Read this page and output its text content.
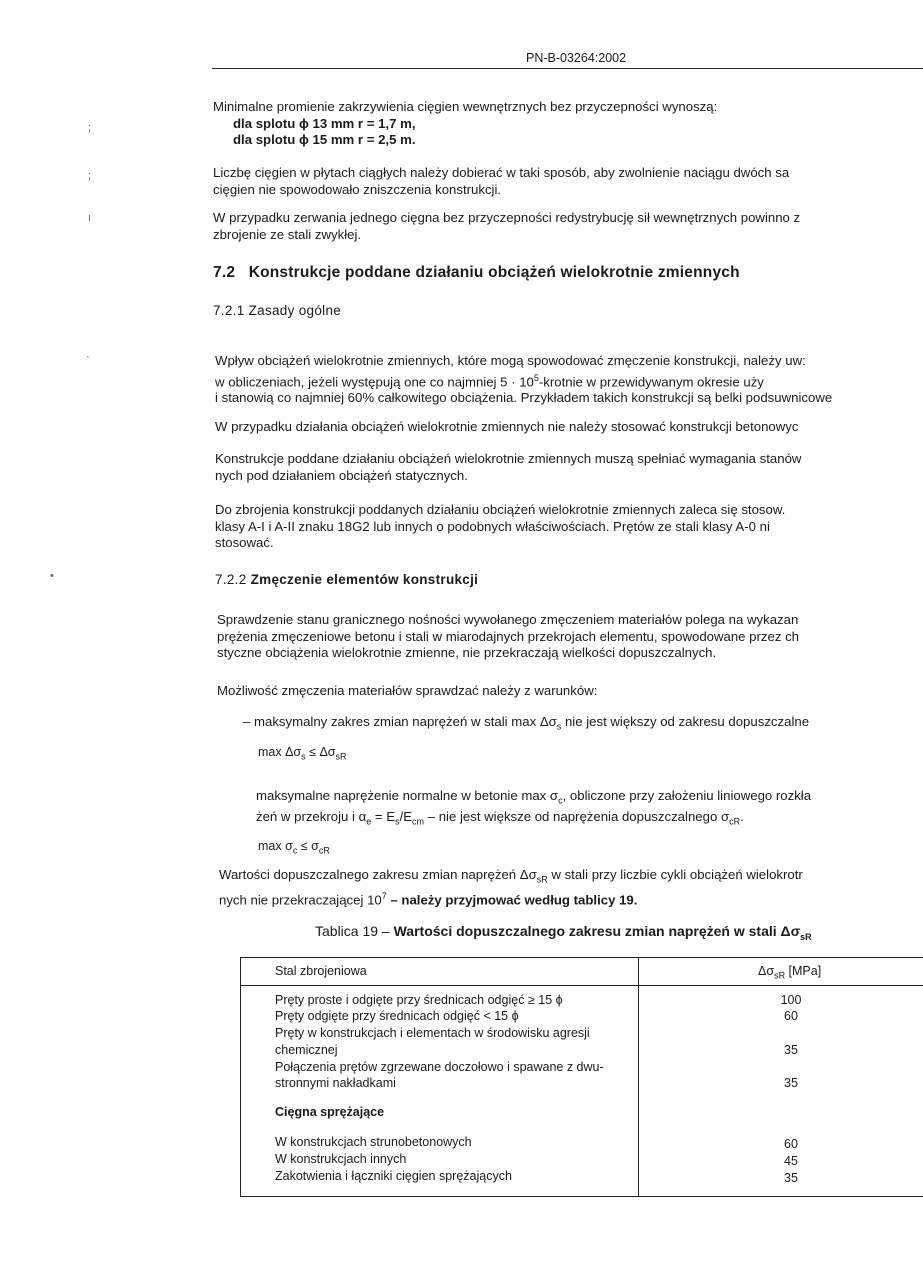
PN-B-03264:2002
;
;
ı
ˋ
•
Minimalne promienie zakrzywienia cięgien wewnętrznych bez przyczepności wynoszą:
dla splotu ϕ 13 mm r = 1,7 m,
dla splotu ϕ 15 mm r = 2,5 m.
Liczbę cięgien w płytach ciągłych należy dobierać w taki sposób, aby zwolnienie naciągu dwóch sa
cięgien nie spowodowało zniszczenia konstrukcji.
W przypadku zerwania jednego cięgna bez przyczepności redystrybucję sił wewnętrznych powinno z
zbrojenie ze stali zwykłej.
7.2 Konstrukcje poddane działaniu obciążeń wielokrotnie zmiennych
7.2.1 Zasady ogólne
Wpływ obciążeń wielokrotnie zmiennych, które mogą spowodować zmęczenie konstrukcji, należy uw:
w obliczeniach, jeżeli występują one co najmniej $5 \cdot 10^5$-krotnie w przewidywanym okresie uży
i stanowią co najmniej 60% całkowitego obciążenia. Przykładem takich konstrukcji są belki podsuwnicowe
W przypadku działania obciążeń wielokrotnie zmiennych nie należy stosować konstrukcji betonowyc
Konstrukcje poddane działaniu obciążeń wielokrotnie zmiennych muszą spełniać wymagania stanów
nych pod działaniem obciążeń statycznych.
Do zbrojenia konstrukcji poddanych działaniu obciążeń wielokrotnie zmiennych zaleca się stosow.
klasy A-I i A-II znaku 18G2 lub innych o podobnych właściwościach. Prętów ze stali klasy A-0 ni
stosować.
7.2.2 Zmęczenie elementów konstrukcji
Sprawdzenie stanu granicznego nośności wywołanego zmęczeniem materiałów polega na wykazan
prężenia zmęczeniowe betonu i stali w miarodajnych przekrojach elementu, spowodowane przez ch
styczne obciążenia wielokrotnie zmienne, nie przekraczają wielkości dopuszczalnych.
Możliwość zmęczenia materiałów sprawdzać należy z warunków:
– maksymalny zakres zmian naprężeń w stali $\max \Delta\sigma_s$ nie jest większy od zakresu dopuszczalne
$\max \Delta\sigma_s \le \Delta\sigma_{sR}$
maksymalne naprężenie normalne w betonie $\max \sigma_c$, obliczone przy założeniu liniowego rozkła
żeń w przekroju i $\alpha_e = E_s/E_{cm}$ – nie jest większe od naprężenia dopuszczalnego $\sigma_{cR}$.
$\max \sigma_c \le \sigma_{cR}$
Wartości dopuszczalnego zakresu zmian naprężeń $\Delta\sigma_{sR}$ w stali przy liczbie cykli obciążeń wielokrotr
nych nie przekraczającej $10^7$ – należy przyjmować według tablicy 19.
Tablica 19 – Wartości dopuszczalnego zakresu zmian naprężeń w stali $\Delta\sigma_{sR}$
Stal zbrojeniowa	$\Delta\sigma_{sR}$ [MPa]
Pręty proste i odgięte przy średnicach odgięć ≥ 15 ϕ	100
Pręty odgięte przy średnicach odgięć < 15 ϕ	60
Pręty w konstrukcjach i elementach w środowisku agresji
chemicznej	35
Połączenia prętów zgrzewane doczołowo i spawane z dwu-
stronnymi nakładkami	35
Cięgna sprężające
W konstrukcjach strunobetonowych	60
W konstrukcjach innych	45
Zakotwienia i łączniki cięgien sprężających	35
